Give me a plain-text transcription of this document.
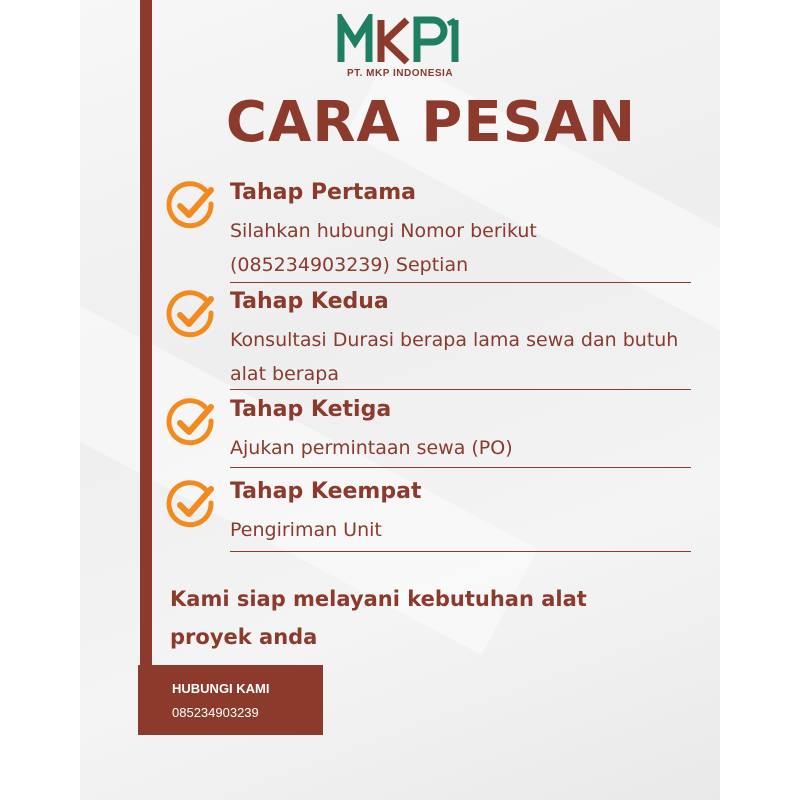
PT. MKP INDONESIA
CARA PESAN
Tahap Pertama
Silahkan hubungi Nomor berikut (085234903239) Septian
Tahap Kedua
Konsultasi Durasi berapa lama sewa dan butuh alat berapa
Tahap Ketiga
Ajukan permintaan sewa (PO)
Tahap Keempat
Pengiriman Unit
Kami siap melayani kebutuhan alat proyek anda
HUBUNGI KAMI
085234903239
